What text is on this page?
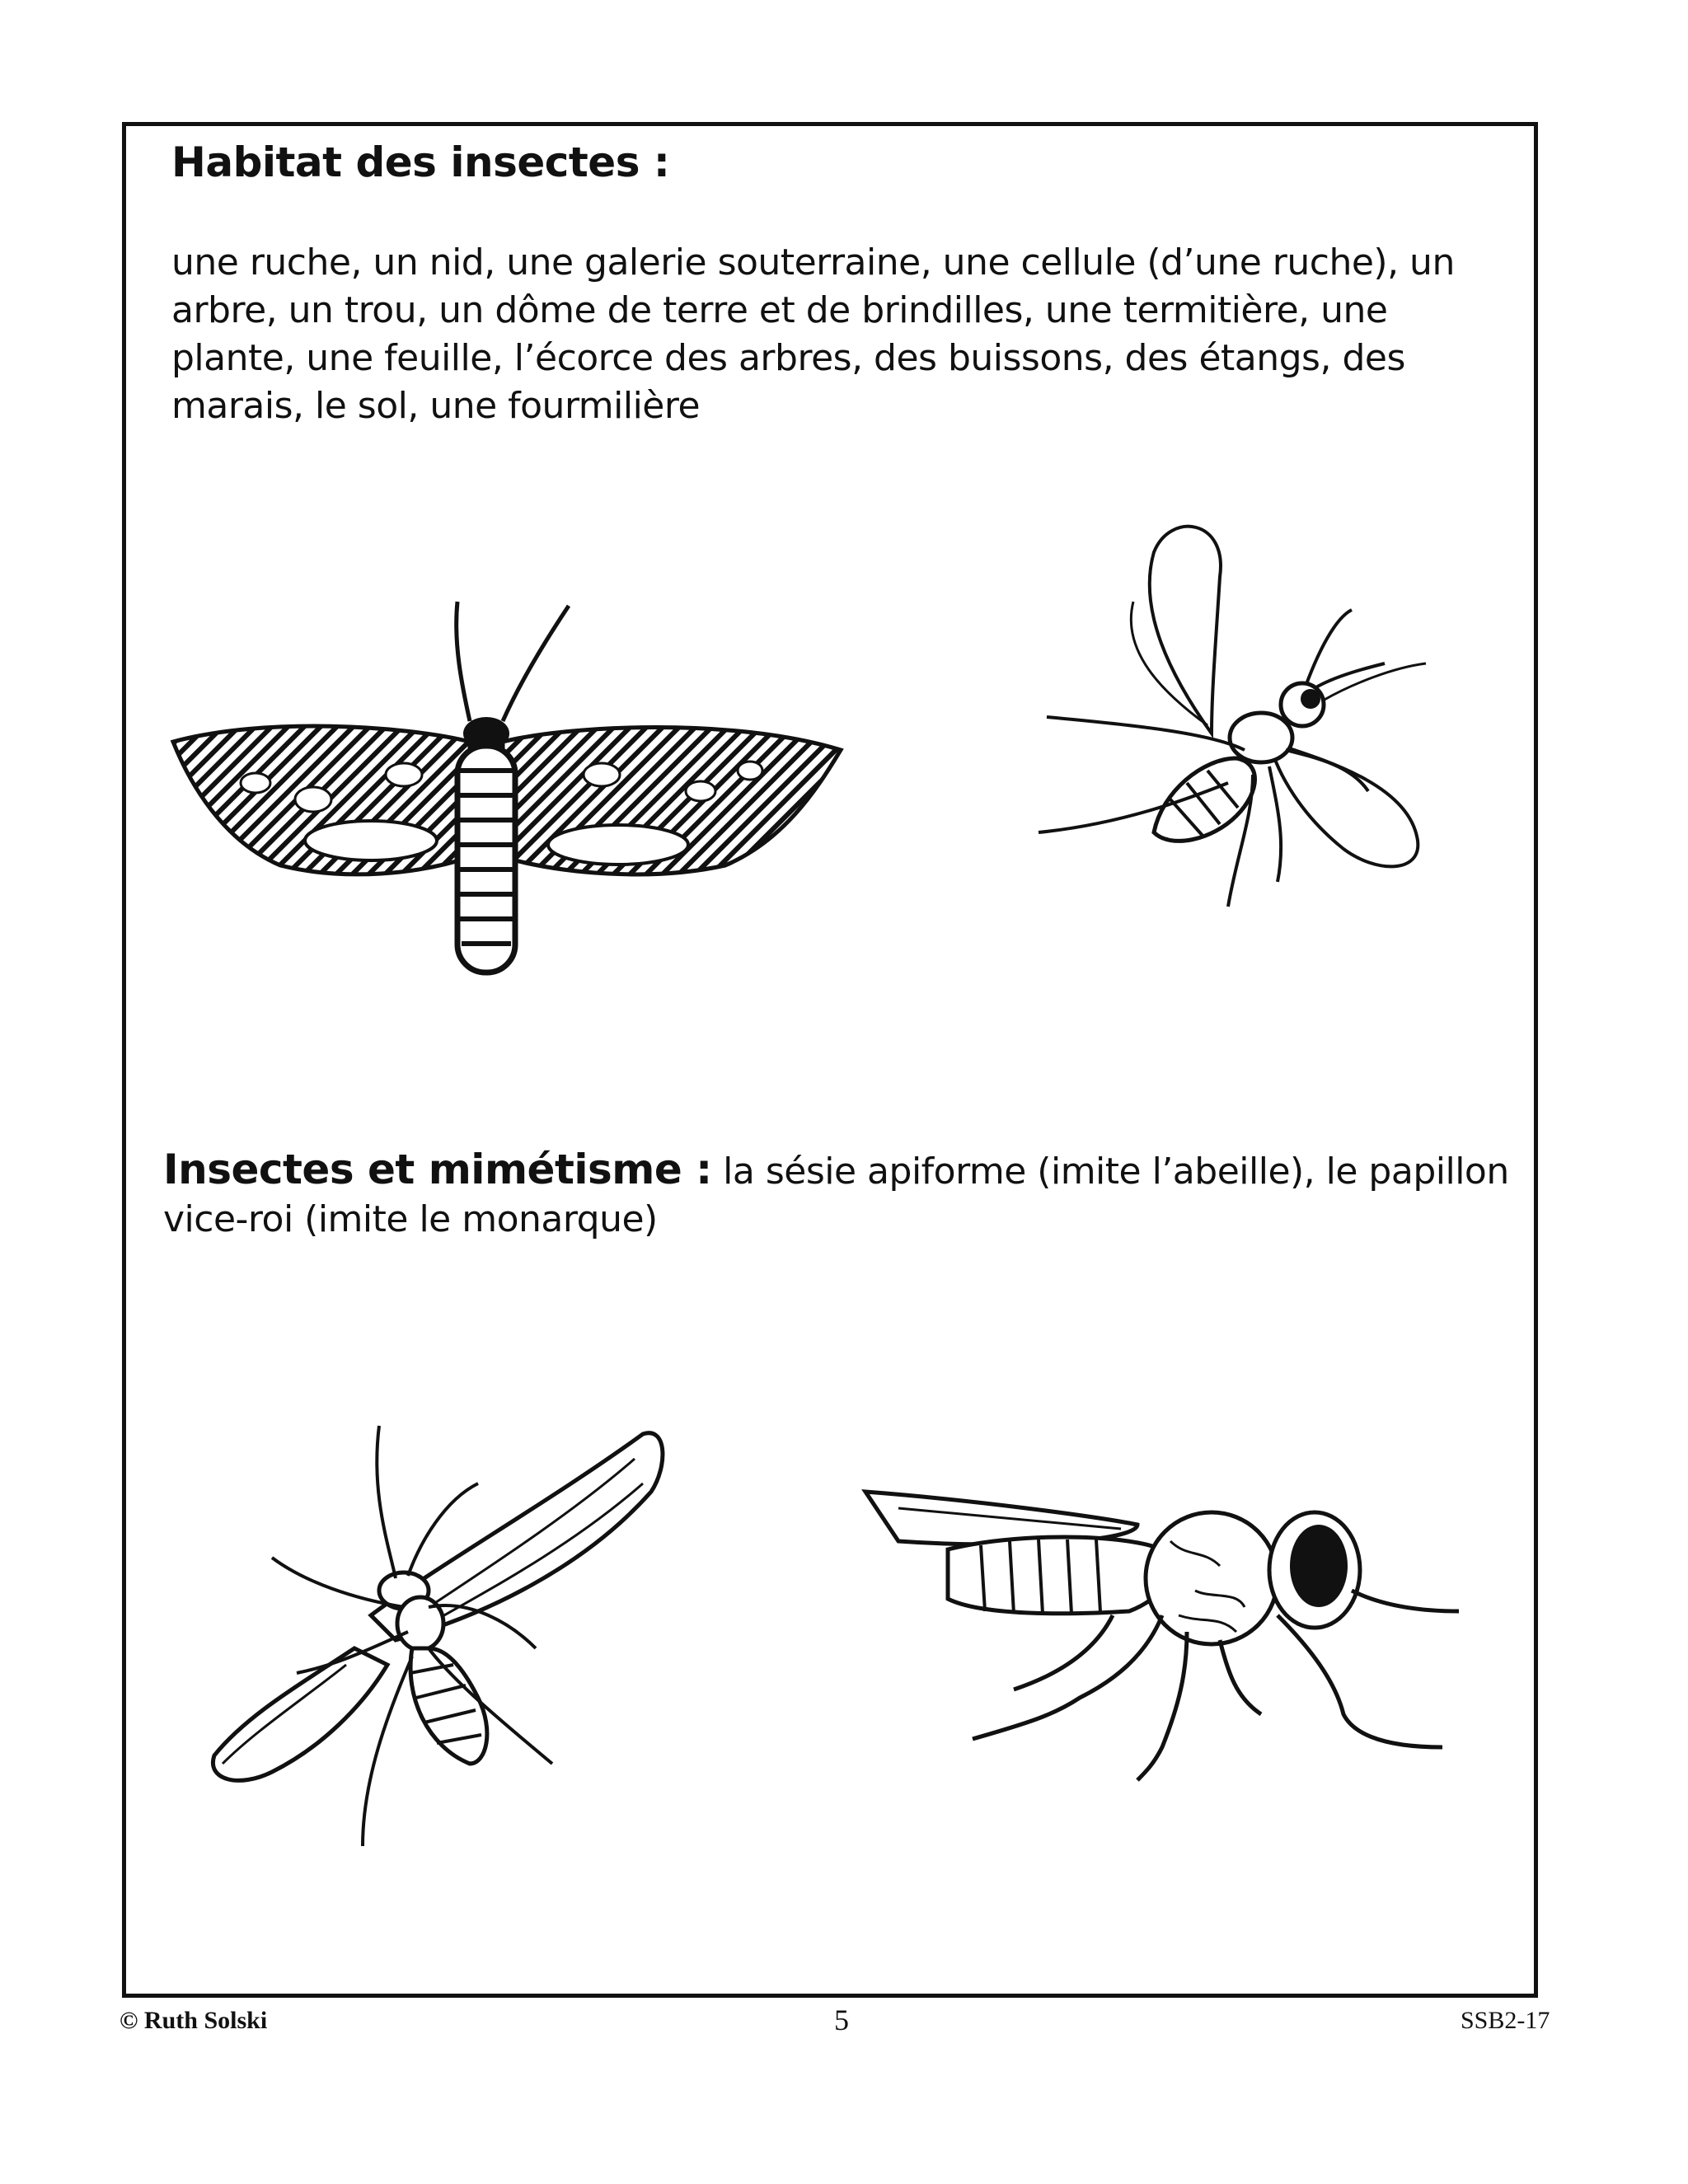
Habitat des insectes :
une ruche, un nid, une galerie souterraine, une cellule (d’une ruche), un
arbre, un trou, un dôme de terre et de brindilles, une termitière, une
plante, une feuille, l’écorce des arbres, des buissons, des étangs, des
marais, le sol, une fourmilière
Insectes et mimétisme : la sésie apiforme (imite l’abeille), le papillon
vice-roi (imite le monarque)
© Ruth Solski	5	SSB2-17
